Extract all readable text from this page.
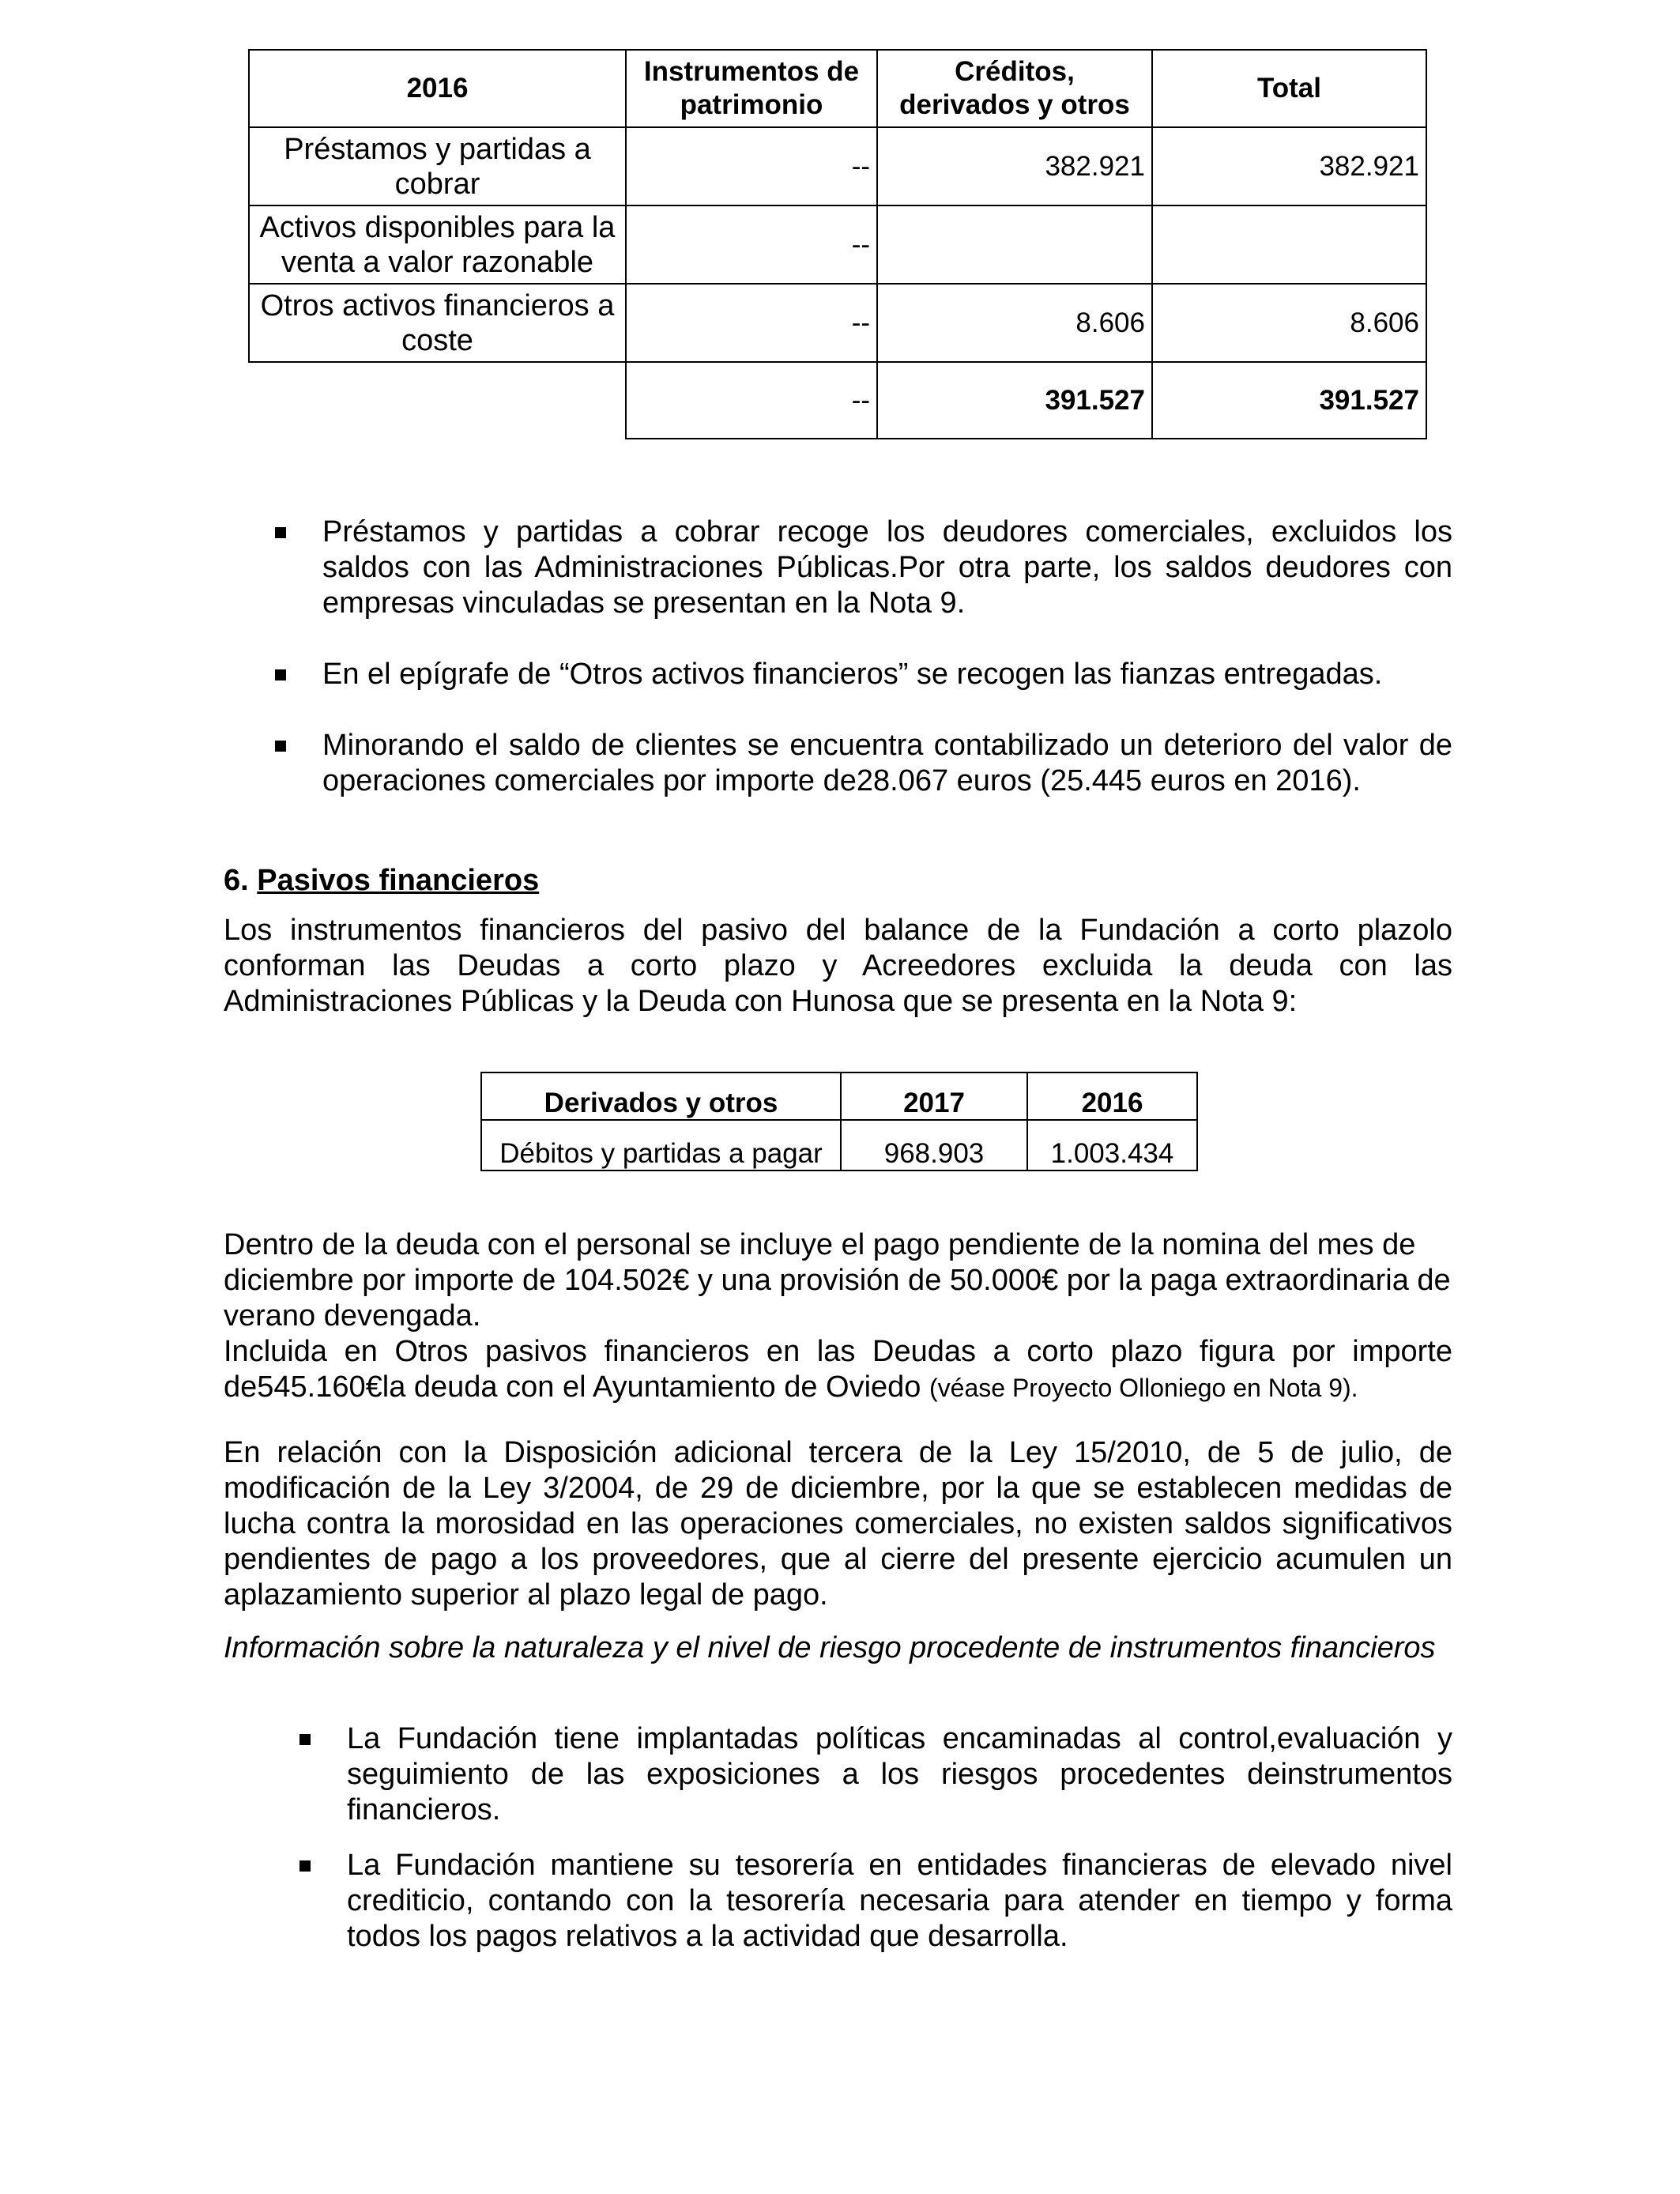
2016	Instrumentos de patrimonio	Créditos, derivados y otros	Total
Préstamos y partidas a cobrar	--	382.921	382.921
Activos disponibles para la venta a valor razonable	--		
Otros activos financieros a coste	--	8.606	8.606
	--	391.527	391.527
Préstamos y partidas a cobrar recoge los deudores comerciales, excluidos los saldos con las Administraciones Públicas.Por otra parte, los saldos deudores con empresas vinculadas se presentan en la Nota 9.
En el epígrafe de “Otros activos financieros” se recogen las fianzas entregadas.
Minorando el saldo de clientes se encuentra contabilizado un deterioro del valor de operaciones comerciales por importe de28.067 euros (25.445 euros en 2016).
6. Pasivos financieros

Los instrumentos financieros del pasivo del balance de la Fundación a corto plazolo conforman las Deudas a corto plazo y Acreedores excluida la deuda con las Administraciones Públicas y la Deuda con Hunosa que se presenta en la Nota 9:

Derivados y otros	2017	2016
Débitos y partidas a pagar	968.903	1.003.434

Dentro de la deuda con el personal se incluye el pago pendiente de la nomina del mes de diciembre por importe de 104.502€ y una provisión de 50.000€ por la paga extraordinaria de verano devengada.

Incluida en Otros pasivos financieros en las Deudas a corto plazo figura por importe de545.160€la deuda con el Ayuntamiento de Oviedo (véase Proyecto Olloniego en Nota 9).

En relación con la Disposición adicional tercera de la Ley 15/2010, de 5 de julio, de modificación de la Ley 3/2004, de 29 de diciembre, por la que se establecen medidas de lucha contra la morosidad en las operaciones comerciales, no existen saldos significativos pendientes de pago a los proveedores, que al cierre del presente ejercicio acumulen un aplazamiento superior al plazo legal de pago.

Información sobre la naturaleza y el nivel de riesgo procedente de instrumentos financieros

La Fundación tiene implantadas políticas encaminadas al control,evaluación y seguimiento de las exposiciones a los riesgos procedentes deinstrumentos financieros.
La Fundación mantiene su tesorería en entidades financieras de elevado nivel crediticio, contando con la tesorería necesaria para atender en tiempo y forma todos los pagos relativos a la actividad que desarrolla.
